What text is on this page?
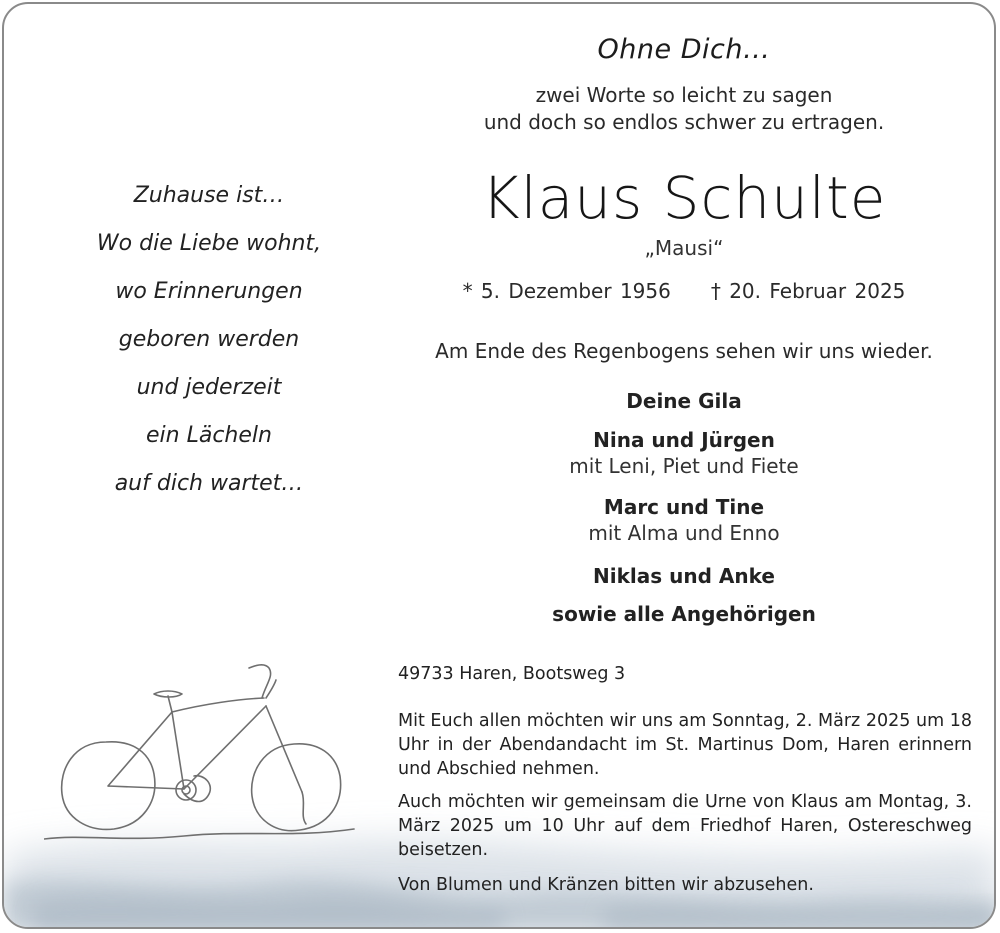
Ohne Dich…
zwei Worte so leicht zu sagen
und doch so endlos schwer zu ertragen.
Klaus Schulte
„Mausi“
* 5. Dezember 1956 † 20. Februar 2025
Am Ende des Regenbogens sehen wir uns wieder.
Deine Gila
Nina und Jürgen
mit Leni, Piet und Fiete
Marc und Tine
mit Alma und Enno
Niklas und Anke
sowie alle Angehörigen
Zuhause ist…
Wo die Liebe wohnt,
wo Erinnerungen
geboren werden
und jederzeit
ein Lächeln
auf dich wartet…
49733 Haren, Bootsweg 3
Mit Euch allen möchten wir uns am Sonntag, 2. März 2025 um 18 Uhr in der Abendandacht im St. Martinus Dom, Haren erinnern und Abschied nehmen.
Auch möchten wir gemeinsam die Urne von Klaus am Montag, 3. März 2025 um 10 Uhr auf dem Friedhof Haren, Ostereschweg beisetzen.
Von Blumen und Kränzen bitten wir abzusehen.
